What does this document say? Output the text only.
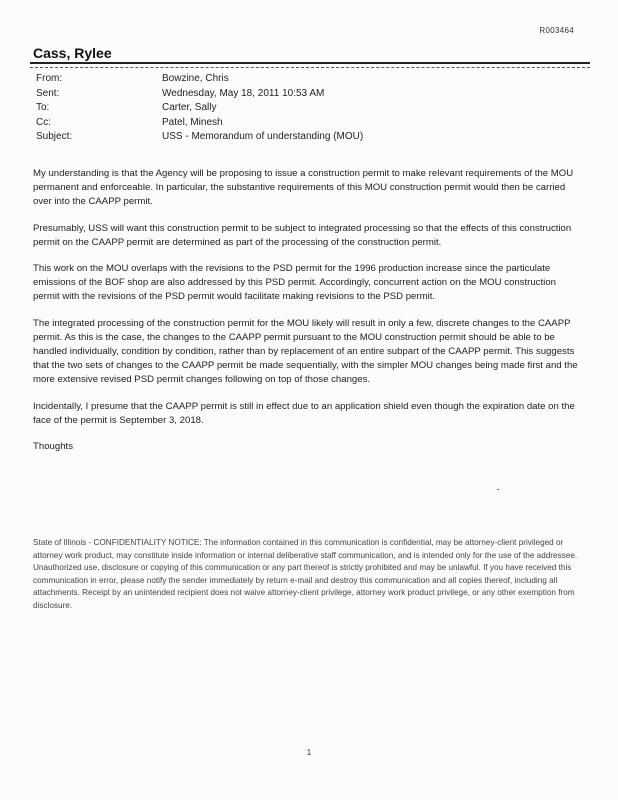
R003464
Cass, Rylee
From:	Bowzine, Chris
Sent:	Wednesday, May 18, 2011 10:53 AM
To:	Carter, Sally
Cc:	Patel, Minesh
Subject:	USS - Memorandum of understanding (MOU)

My understanding is that the Agency will be proposing to issue a construction permit to make relevant requirements of the MOU permanent and enforceable. In particular, the substantive requirements of this MOU construction permit would then be carried over into the CAAPP permit.

Presumably, USS will want this construction permit to be subject to integrated processing so that the effects of this construction permit on the CAAPP permit are determined as part of the processing of the construction permit.

This work on the MOU overlaps with the revisions to the PSD permit for the 1996 production increase since the particulate emissions of the BOF shop are also addressed by this PSD permit. Accordingly, concurrent action on the MOU construction permit with the revisions of the PSD permit would facilitate making revisions to the PSD permit.

The integrated processing of the construction permit for the MOU likely will result in only a few, discrete changes to the CAAPP permit. As this is the case, the changes to the CAAPP permit pursuant to the MOU construction permit should be able to be handled individually, condition by condition, rather than by replacement of an entire subpart of the CAAPP permit. This suggests that the two sets of changes to the CAAPP permit be made sequentially, with the simpler MOU changes being made first and the more extensive revised PSD permit changes following on top of those changes.

Incidentally, I presume that the CAAPP permit is still in effect due to an application shield even though the expiration date on the face of the permit is September 3, 2018.

Thoughts

State of Illinois - CONFIDENTIALITY NOTICE: The information contained in this communication is confidential, may be attorney-client privileged or attorney work product, may constitute inside information or internal deliberative staff communication, and is intended only for the use of the addressee. Unauthorized use, disclosure or copying of this communication or any part thereof is strictly prohibited and may be unlawful. If you have received this communication in error, please notify the sender immediately by return e-mail and destroy this communication and all copies thereof, including all attachments. Receipt by an unintended recipient does not waive attorney-client privilege, attorney work product privilege, or any other exemption from disclosure.

1
